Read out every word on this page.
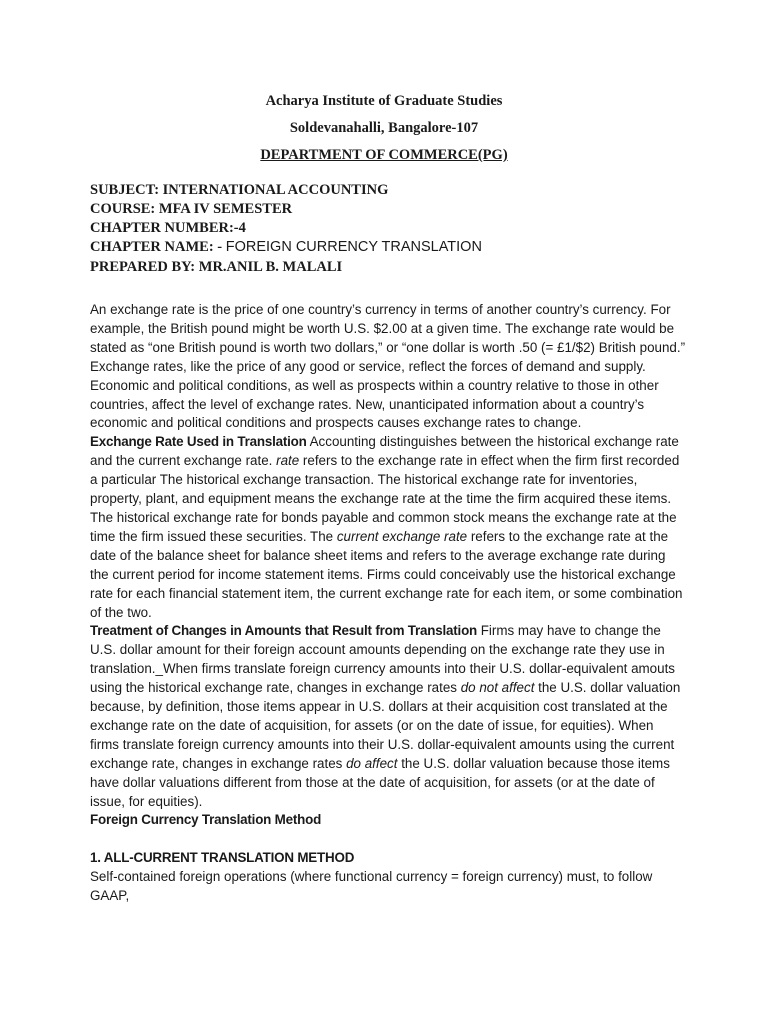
Acharya Institute of Graduate Studies
Soldevanahalli, Bangalore-107
DEPARTMENT OF COMMERCE(PG)
SUBJECT: INTERNATIONAL ACCOUNTING
COURSE: MFA IV SEMESTER
CHAPTER NUMBER:-4
CHAPTER NAME: - FOREIGN CURRENCY TRANSLATION
PREPARED BY: MR.ANIL B. MALALI

An exchange rate is the price of one country’s currency in terms of another country’s currency. For example, the British pound might be worth U.S. $2.00 at a given time. The exchange rate would be stated as “one British pound is worth two dollars,” or “one dollar is worth .50 (= £1/$2) British pound.” Exchange rates, like the price of any good or service, reflect the forces of demand and supply. Economic and political conditions, as well as prospects within a country relative to those in other countries, affect the level of exchange rates. New, unanticipated information about a country’s economic and political conditions and prospects causes exchange rates to change.

Exchange Rate Used in Translation Accounting distinguishes between the historical exchange rate and the current exchange rate. rate refers to the exchange rate in effect when the firm first recorded a particular The historical exchange transaction. The historical exchange rate for inventories, property, plant, and equipment means the exchange rate at the time the firm acquired these items. The historical exchange rate for bonds payable and common stock means the exchange rate at the time the firm issued these securities. The current exchange rate refers to the exchange rate at the date of the balance sheet for balance sheet items and refers to the average exchange rate during the current period for income statement items. Firms could conceivably use the historical exchange rate for each financial statement item, the current exchange rate for each item, or some combination of the two.

Treatment of Changes in Amounts that Result from Translation Firms may have to change the U.S. dollar amount for their foreign account amounts depending on the exchange rate they use in translation._When firms translate foreign currency amounts into their U.S. dollar-equivalent amouts using the historical exchange rate, changes in exchange rates do not affect the U.S. dollar valuation because, by definition, those items appear in U.S. dollars at their acquisition cost translated at the exchange rate on the date of acquisition, for assets (or on the date of issue, for equities). When firms translate foreign currency amounts into their U.S. dollar-equivalent amounts using the current exchange rate, changes in exchange rates do affect the U.S. dollar valuation because those items have dollar valuations different from those at the date of acquisition, for assets (or at the date of issue, for equities).

Foreign Currency Translation Method

1. ALL-CURRENT TRANSLATION METHOD

Self-contained foreign operations (where functional currency = foreign currency) must, to follow GAAP,
